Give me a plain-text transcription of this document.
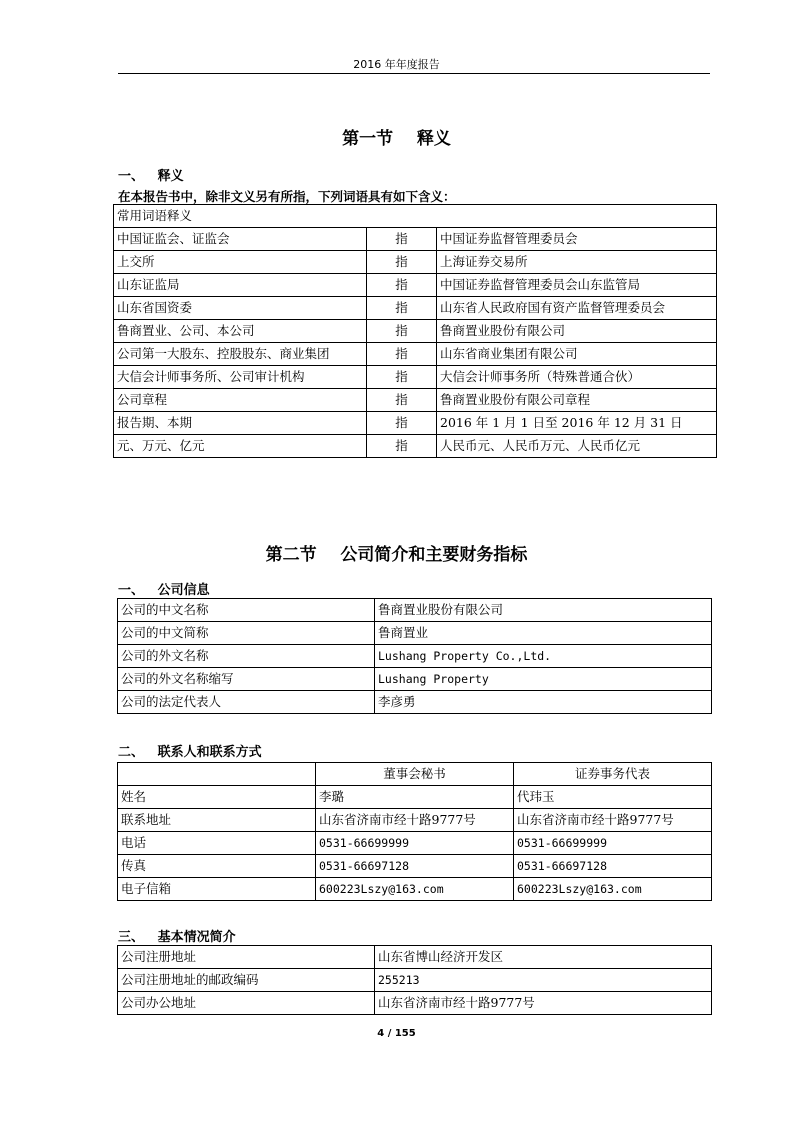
2016 年年度报告
第一节    释义
一、   释义
在本报告书中，除非文义另有所指，下列词语具有如下含义：
常用词语释义		
中国证监会、证监会	指	中国证券监督管理委员会
上交所	指	上海证券交易所
山东证监局	指	中国证券监督管理委员会山东监管局
山东省国资委	指	山东省人民政府国有资产监督管理委员会
鲁商置业、公司、本公司	指	鲁商置业股份有限公司
公司第一大股东、控股股东、商业集团	指	山东省商业集团有限公司
大信会计师事务所、公司审计机构	指	大信会计师事务所（特殊普通合伙）
公司章程	指	鲁商置业股份有限公司章程
报告期、本期	指	2016 年 1 月 1 日至 2016 年 12 月 31 日
元、万元、亿元	指	人民币元、人民币万元、人民币亿元
第二节    公司简介和主要财务指标
一、   公司信息
公司的中文名称	鲁商置业股份有限公司
公司的中文简称	鲁商置业
公司的外文名称	Lushang Property Co.,Ltd.
公司的外文名称缩写	Lushang Property
公司的法定代表人	李彦勇
二、   联系人和联系方式
	董事会秘书	证券事务代表
姓名	李璐	代玮玉
联系地址	山东省济南市经十路9777号	山东省济南市经十路9777号
电话	0531-66699999	0531-66699999
传真	0531-66697128	0531-66697128
电子信箱	600223Lszy@163.com	600223Lszy@163.com
三、   基本情况简介
公司注册地址	山东省博山经济开发区
公司注册地址的邮政编码	255213
公司办公地址	山东省济南市经十路9777号
4 / 155
